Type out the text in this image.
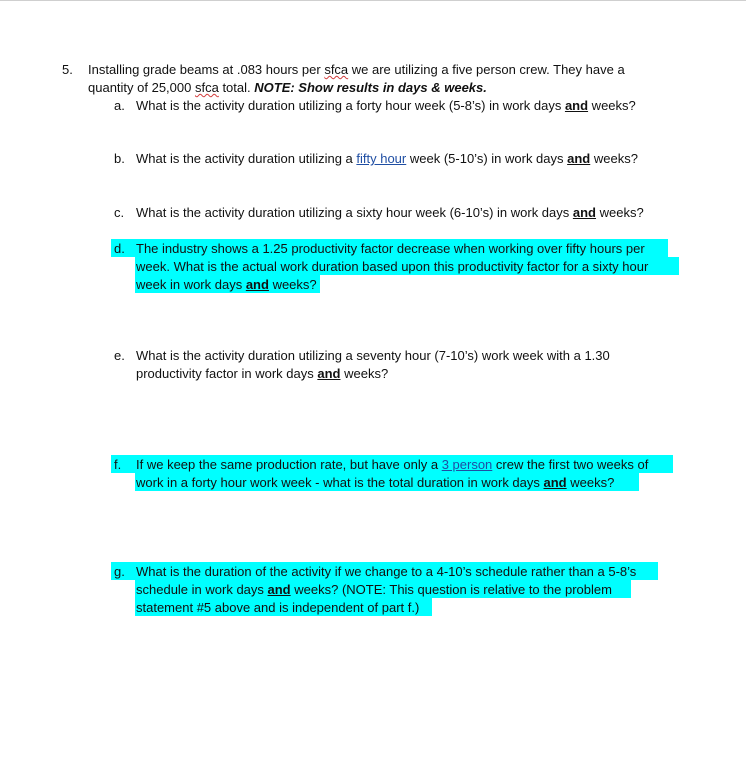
5. Installing grade beams at .083 hours per sfca we are utilizing a five person crew. They have a
quantity of 25,000 sfca total. NOTE: Show results in days & weeks.
a. What is the activity duration utilizing a forty hour week (5-8’s) in work days and weeks?
b. What is the activity duration utilizing a fifty hour week (5-10’s) in work days and weeks?
c. What is the activity duration utilizing a sixty hour week (6-10’s) in work days and weeks?
d. The industry shows a 1.25 productivity factor decrease when working over fifty hours per
week. What is the actual work duration based upon this productivity factor for a sixty hour
week in work days and weeks?
e. What is the activity duration utilizing a seventy hour (7-10’s) work week with a 1.30
productivity factor in work days and weeks?
f. If we keep the same production rate, but have only a 3 person crew the first two weeks of
work in a forty hour work week - what is the total duration in work days and weeks?
g. What is the duration of the activity if we change to a 4-10’s schedule rather than a 5-8’s
schedule in work days and weeks? (NOTE: This question is relative to the problem
statement #5 above and is independent of part f.)
